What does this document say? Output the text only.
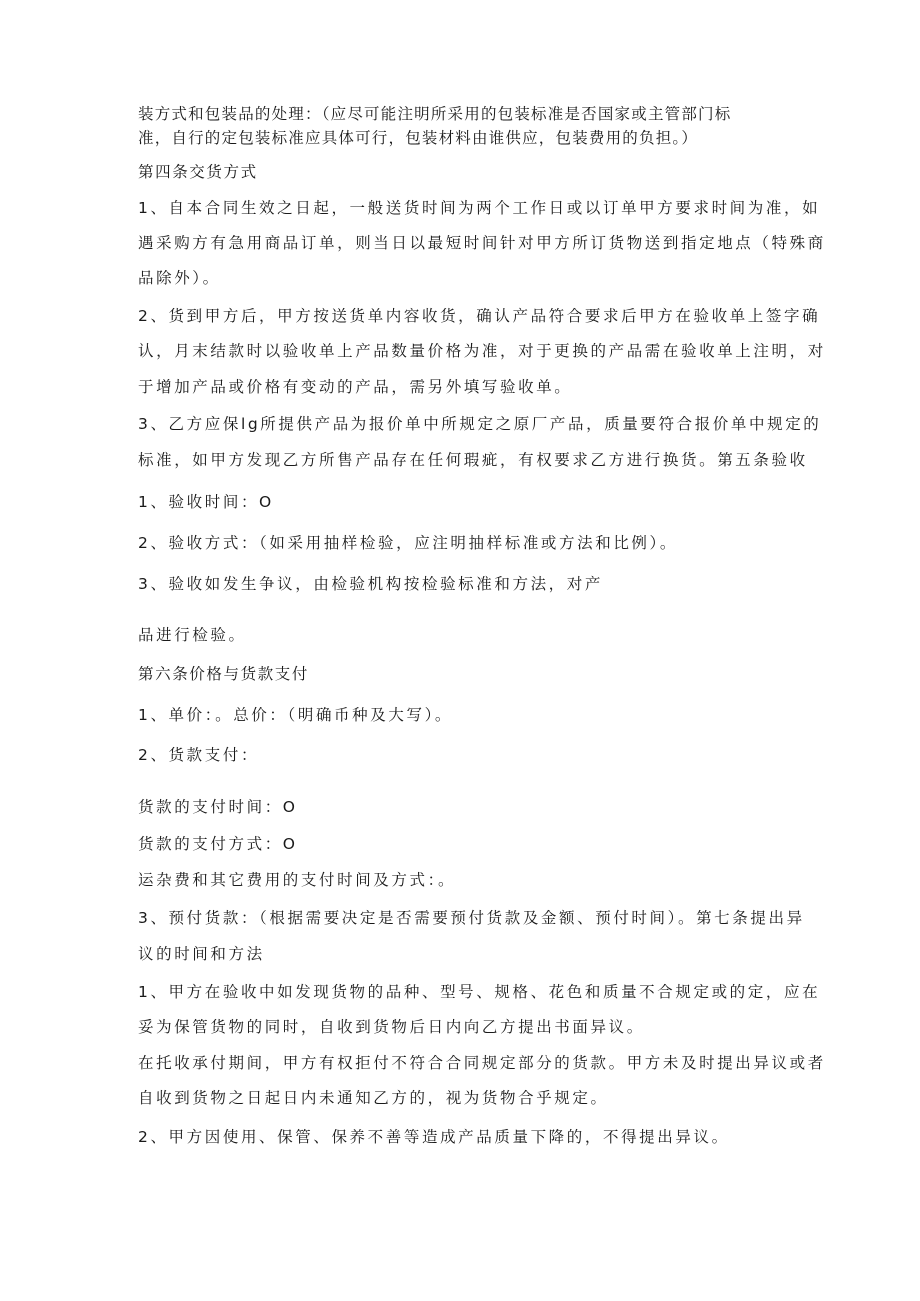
装方式和包装品的处理：（应尽可能注明所采用的包装标准是否国家或主管部门标
准，自行的定包装标准应具体可行，包装材料由谁供应，包装费用的负担。）
第四条交货方式
1、自本合同生效之日起，一般送货时间为两个工作日或以订单甲方要求时间为准，如
遇采购方有急用商品订单，则当日以最短时间针对甲方所订货物送到指定地点（特殊商
品除外）。
2、货到甲方后，甲方按送货单内容收货，确认产品符合要求后甲方在验收单上签字确
认，月末结款时以验收单上产品数量价格为准，对于更换的产品需在验收单上注明，对
于增加产品或价格有变动的产品，需另外填写验收单。
3、乙方应保lg所提供产品为报价单中所规定之原厂产品，质量要符合报价单中规定的
标准，如甲方发现乙方所售产品存在任何瑕疵，有权要求乙方进行换货。第五条验收
1、验收时间：O
2、验收方式：（如采用抽样检验，应注明抽样标准或方法和比例）。
3、验收如发生争议，由检验机构按检验标准和方法，对产
品进行检验。
第六条价格与货款支付
1、单价：。总价：（明确币种及大写）。
2、货款支付：
货款的支付时间：O
货款的支付方式：O
运杂费和其它费用的支付时间及方式：。
3、预付货款：（根据需要决定是否需要预付货款及金额、预付时间）。第七条提出异
议的时间和方法
1、甲方在验收中如发现货物的品种、型号、规格、花色和质量不合规定或的定，应在
妥为保管货物的同时，自收到货物后日内向乙方提出书面异议。
在托收承付期间，甲方有权拒付不符合合同规定部分的货款。甲方未及时提出异议或者
自收到货物之日起日内未通知乙方的，视为货物合乎规定。
2、甲方因使用、保管、保养不善等造成产品质量下降的，不得提出异议。
